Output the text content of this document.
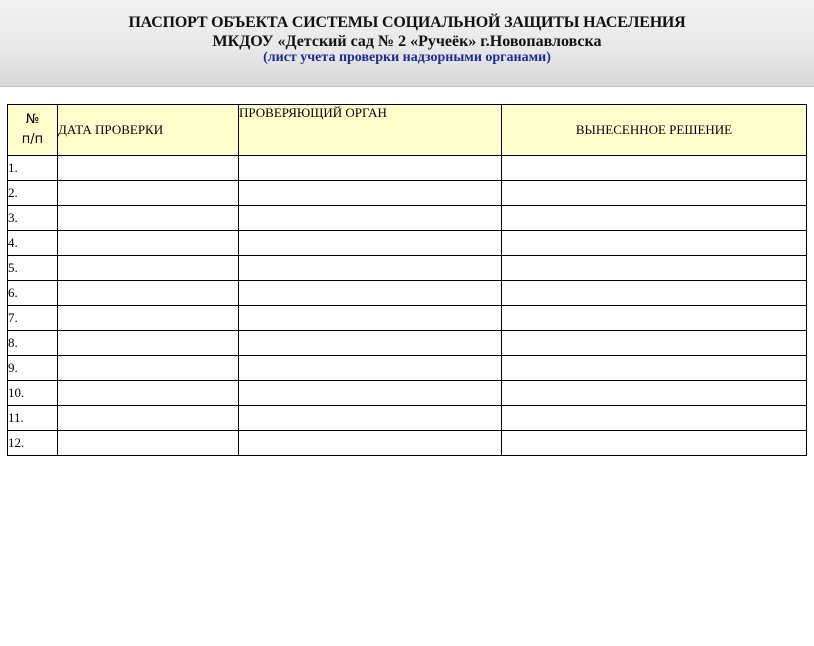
ПАСПОРТ ОБЪЕКТА СИСТЕМЫ СОЦИАЛЬНОЙ ЗАЩИТЫ НАСЕЛЕНИЯ
МКДОУ «Детский сад № 2 «Ручеёк» г.Новопавловска
(лист учета проверки надзорными органами)
№
п/п	ДАТА ПРОВЕРКИ	ПРОВЕРЯЮЩИЙ ОРГАН	ВЫНЕСЕННОЕ РЕШЕНИЕ
1.			
2.			
3.			
4.			
5.			
6.			
7.			
8.			
9.			
10.			
11.			
12.			
